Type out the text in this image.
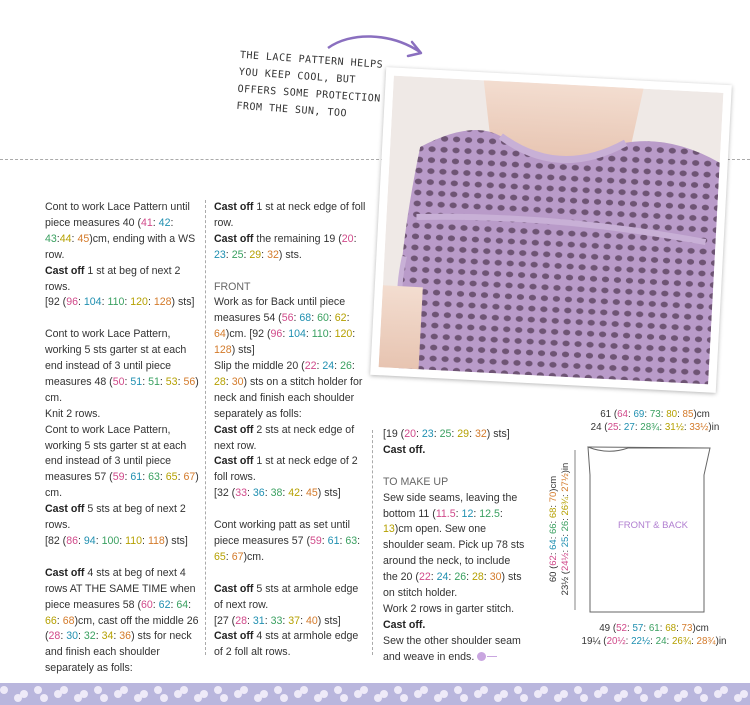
THE LACE PATTERN HELPS
YOU KEEP COOL, BUT
OFFERS SOME PROTECTION
FROM THE SUN, TOO

Cont to work Lace Pattern until piece measures 40 (41: 42: 43:44: 45)cm, ending with a WS row.

Cast off 1 st at beg of next 2 rows.

[92 (96: 104: 110: 120: 128) sts]

Cont to work Lace Pattern, working 5 sts garter st at each end instead of 3 until piece measures 48 (50: 51: 51: 53: 56) cm.

Knit 2 rows.

Cont to work Lace Pattern, working 5 sts garter st at each end instead of 3 until piece measures 57 (59: 61: 63: 65: 67) cm.

Cast off 5 sts at beg of next 2 rows.

[82 (86: 94: 100: 110: 118) sts]

Cast off 4 sts at beg of next 4 rows AT THE SAME TIME when piece measures 58 (60: 62: 64: 66: 68)cm, cast off the middle 26 (28: 30: 32: 34: 36) sts for neck and finish each shoulder separately as folls:

Cast off 1 st at neck edge of foll row.

Cast off the remaining 19 (20: 23: 25: 29: 32) sts.

FRONT

Work as for Back until piece measures 54 (56: 68: 60: 62: 64)cm. [92 (96: 104: 110: 120: 128) sts]

Slip the middle 20 (22: 24: 26: 28: 30) sts on a stitch holder for neck and finish each shoulder separately as folls:

Cast off 2 sts at neck edge of next row.

Cast off 1 st at neck edge of 2 foll rows.

[32 (33: 36: 38: 42: 45) sts]

Cont working patt as set until piece measures 57 (59: 61: 63: 65: 67)cm.

Cast off 5 sts at armhole edge of next row.

[27 (28: 31: 33: 37: 40) sts]

Cast off 4 sts at armhole edge of 2 foll alt rows.

[19 (20: 23: 25: 29: 32) sts]

Cast off.

TO MAKE UP

Sew side seams, leaving the bottom 11 (11.5: 12: 12.5: 13)cm open. Sew one shoulder seam. Pick up 78 sts around the neck, to include the 20 (22: 24: 26: 28: 30) sts on stitch holder.

Work 2 rows in garter stitch.

Cast off.

Sew the other shoulder seam and weave in ends.

61 (64: 69: 73: 80: 85)cm
24 (25: 27: 28¾: 31½: 33½)in
FRONT & BACK
60 (62: 64: 66: 68: 70)cm
23½ (24½: 25: 26: 26¾: 27½)in
49 (52: 57: 61: 68: 73)cm
19¼ (20½: 22½: 24: 26¾: 28¾)in
